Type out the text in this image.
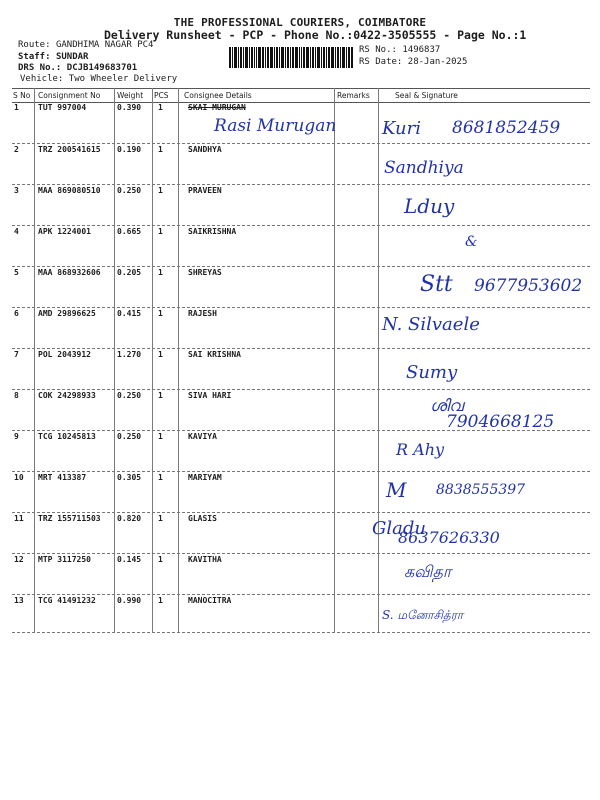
THE PROFESSIONAL COURIERS, COIMBATORE
Delivery Runsheet - PCP - Phone No.:0422-3505555 - Page No.:1
Route: GANDHIMA NAGAR PC4
Staff: SUNDAR
DRS No.: DCJB149683701
Vehicle: Two Wheeler Delivery
RS No.: 1496837
RS Date: 28-Jan-2025
S No Consignment No Weight PCS Consignee Details	Remarks	Seal & Signature
1 TUT 997004	0.390 1	SKAI MURUGAN
Rasi Murugan	Kuri 8681852459
2 TRZ 200541615 0.190 1	SANDHYA
Sandhiya
3 MAA 869080510 0.250 1	PRAVEEN
Lduy
4 APK 1224001	0.665 1	SAIKRISHNA
&
5 MAA 868932606 0.205 1	SHREYAS	Stt 9677953602
6 AMD 29896625	0.415 1	RAJESH
N. Silvaele
7 POL 2043912	1.270 1	SAI KRISHNA
Sumy
8 COK 24298933	0.250 1	SIVA HARI
ശിവ
7904668125
9 TCG 10245813	0.250 1	KAVIYA
R Ahy
10 MRT 413387	0.305 1	MARIYAM
M 8838555397
11 TRZ 155711503 0.820 1	GLASIS	Gladu
8637626330
12 MTP 3117250	0.145 1	KAVITHA
கவிதா
13 TCG 41491232	0.990 1	MANOCITRA
S. மனோசித்ரா
